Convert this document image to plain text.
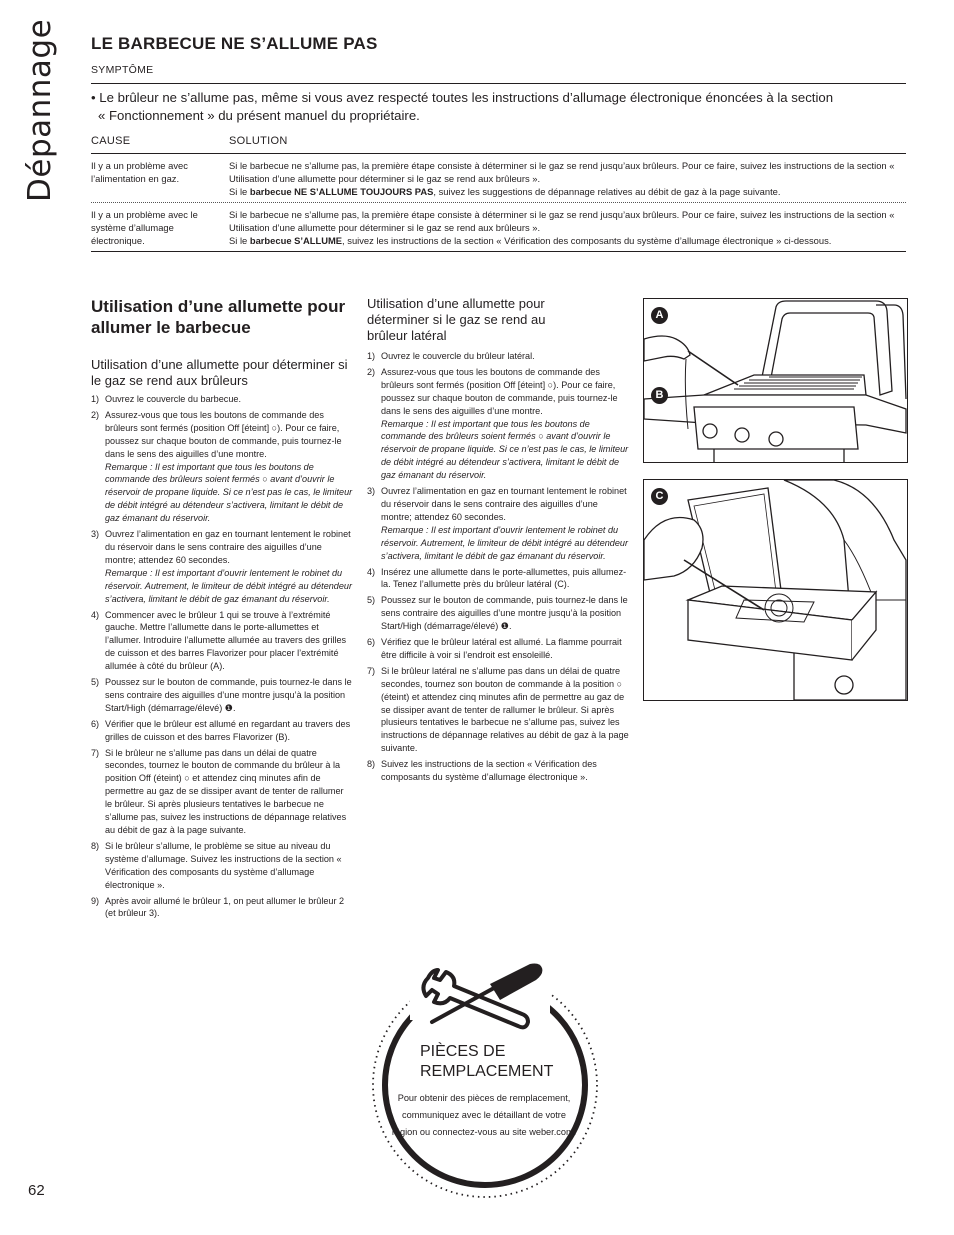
Dépannage LE BARBECUE NE S’ALLUME PAS
SYMPTÔME
• Le brûleur ne s’allume pas, même si vous avez respecté toutes les instructions d’allumage électronique énoncées à la section
« Fonctionnement » du présent manuel du propriétaire.
CAUSE	SOLUTION
Il y a un problème avec l’alimentation en gaz.
Si le barbecue ne s’allume pas, la première étape consiste à déterminer si le gaz se rend jusqu’aux brûleurs. Pour ce faire, suivez les instructions de la section « Utilisation d’une allumette pour déterminer si le gaz se rend aux brûleurs ».
Si le barbecue NE S’ALLUME TOUJOURS PAS, suivez les suggestions de dépannage relatives au débit de gaz à la page suivante.
Il y a un problème avec le système d’allumage électronique.
Si le barbecue ne s’allume pas, la première étape consiste à déterminer si le gaz se rend jusqu’aux brûleurs. Pour ce faire, suivez les instructions de la section « Utilisation d’une allumette pour déterminer si le gaz se rend aux brûleurs ».
Si le barbecue S’ALLUME, suivez les instructions de la section « Vérification des composants du système d’allumage électronique » ci-dessous.
Utilisation d’une allumette pour allumer le barbecue
Utilisation d’une allumette pour déterminer si le gaz se rend aux brûleurs
1) Ouvrez le couvercle du barbecue.
2) Assurez-vous que tous les boutons de commande des brûleurs sont fermés (position Off [éteint] ○). Pour ce faire, poussez sur chaque bouton de commande, puis tournez-le dans le sens des aiguilles d’une montre.
Remarque : Il est important que tous les boutons de commande des brûleurs soient fermés ○ avant d’ouvrir le réservoir de propane liquide. Si ce n’est pas le cas, le limiteur de débit intégré au détendeur s’activera, limitant le débit de gaz émanant du réservoir.
3) Ouvrez l’alimentation en gaz en tournant lentement le robinet du réservoir dans le sens contraire des aiguilles d’une montre; attendez 60 secondes.
Remarque : Il est important d’ouvrir lentement le robinet du réservoir. Autrement, le limiteur de débit intégré au détendeur s’activera, limitant le débit de gaz émanant du réservoir.
4) Commencer avec le brûleur 1 qui se trouve à l’extrémité gauche. Mettre l’allumette dans le porte-allumettes et l’allumer. Introduire l’allumette allumée au travers des grilles de cuisson et des barres Flavorizer pour placer l’extrémité allumée à côté du brûleur (A).
5) Poussez sur le bouton de commande, puis tournez-le dans le sens contraire des aiguilles d’une montre jusqu’à la position Start/High (démarrage/élevé) ❶.
6) Vérifier que le brûleur est allumé en regardant au travers des grilles de cuisson et des barres Flavorizer (B).
7) Si le brûleur ne s’allume pas dans un délai de quatre secondes, tournez le bouton de commande du brûleur à la position Off (éteint) ○ et attendez cinq minutes afin de permettre au gaz de se dissiper avant de tenter de rallumer le brûleur. Si après plusieurs tentatives le barbecue ne s’allume pas, suivez les instructions de dépannage relatives au débit de gaz à la page suivante.
8) Si le brûleur s’allume, le problème se situe au niveau du système d’allumage. Suivez les instructions de la section « Vérification des composants du système d’allumage électronique ».
9) Après avoir allumé le brûleur 1, on peut allumer le brûleur 2 (et brûleur 3).
Utilisation d’une allumette pour déterminer si le gaz se rend au brûleur latéral
1) Ouvrez le couvercle du brûleur latéral.
2) Assurez-vous que tous les boutons de commande des brûleurs sont fermés (position Off [éteint] ○). Pour ce faire, poussez sur chaque bouton de commande, puis tournez-le dans le sens des aiguilles d’une montre.
Remarque : Il est important que tous les boutons de commande des brûleurs soient fermés ○ avant d’ouvrir le réservoir de propane liquide. Si ce n’est pas le cas, le limiteur de débit intégré au détendeur s’activera, limitant le débit de gaz émanant du réservoir.
3) Ouvrez l’alimentation en gaz en tournant lentement le robinet du réservoir dans le sens contraire des aiguilles d’une montre; attendez 60 secondes.
Remarque : Il est important d’ouvrir lentement le robinet du réservoir. Autrement, le limiteur de débit intégré au détendeur s’activera, limitant le débit de gaz émanant du réservoir.
4) Insérez une allumette dans le porte-allumettes, puis allumez-la. Tenez l’allumette près du brûleur latéral (C).
5) Poussez sur le bouton de commande, puis tournez-le dans le sens contraire des aiguilles d’une montre jusqu’à la position Start/High (démarrage/élevé) ❶.
6) Vérifiez que le brûleur latéral est allumé. La flamme pourrait être difficile à voir si l’endroit est ensoleillé.
7) Si le brûleur latéral ne s’allume pas dans un délai de quatre secondes, tournez son bouton de commande à la position ○ (éteint) et attendez cinq minutes afin de permettre au gaz de se dissiper avant de tenter de rallumer le brûleur. Si après plusieurs tentatives le barbecue ne s’allume pas, suivez les instructions de dépannage relatives au débit de gaz à la page suivante.
8) Suivez les instructions de la section « Vérification des composants du système d’allumage électronique ».
A
B
C
PIÈCES DE REMPLACEMENT
Pour obtenir des pièces de remplacement, communiquez avec le détaillant de votre région ou connectez-vous au site weber.com.
62
